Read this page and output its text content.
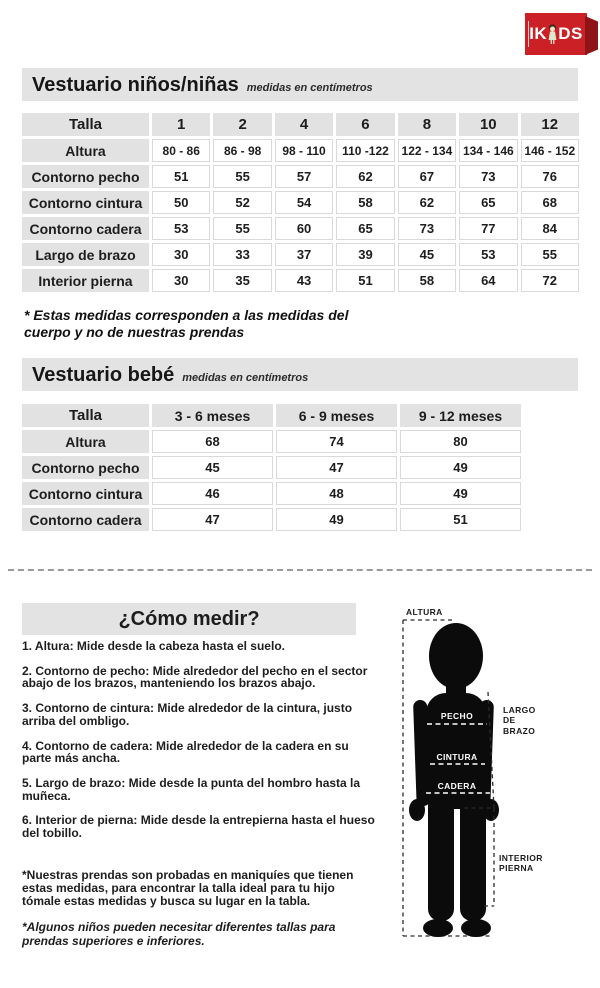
IK DS
Vestuario niños/niñas medidas en centímetros
Talla	1	2	4	6	8	10	12
Altura	80 - 86	86 - 98	98 - 110	110 -122	122 - 134	134 - 146	146 - 152
Contorno pecho	51	55	57	62	67	73	76
Contorno cintura	50	52	54	58	62	65	68
Contorno cadera	53	55	60	65	73	77	84
Largo de brazo	30	33	37	39	45	53	55
Interior pierna	30	35	43	51	58	64	72
* Estas medidas corresponden a las medidas del cuerpo y no de nuestras prendas
Vestuario bebé medidas en centímetros
Talla	3 - 6 meses	6 - 9 meses	9 - 12 meses
Altura	68	74	80
Contorno pecho	45	47	49
Contorno cintura	46	48	49
Contorno cadera	47	49	51
¿Cómo medir?
1. Altura: Mide desde la cabeza hasta el suelo.
2. Contorno de pecho: Mide alrededor del pecho en el sector abajo de los brazos, manteniendo los brazos abajo.
3. Contorno de cintura: Mide alrededor de la cintura, justo arriba del ombligo.
4. Contorno de cadera: Mide alrededor de la cadera en su parte más ancha.
5. Largo de brazo: Mide desde la punta del hombro hasta la muñeca.
6. Interior de pierna: Mide desde la entrepierna hasta el hueso del tobillo.
*Nuestras prendas son probadas en maniquíes que tienen estas medidas, para encontrar la talla ideal para tu hijo tómale estas medidas y busca su lugar en la tabla.
*Algunos niños pueden necesitar diferentes tallas para prendas superiores e inferiores.
ALTURA
PECHO
CINTURA
CADERA
LARGO DE
BRAZO
INTERIOR
PIERNA
